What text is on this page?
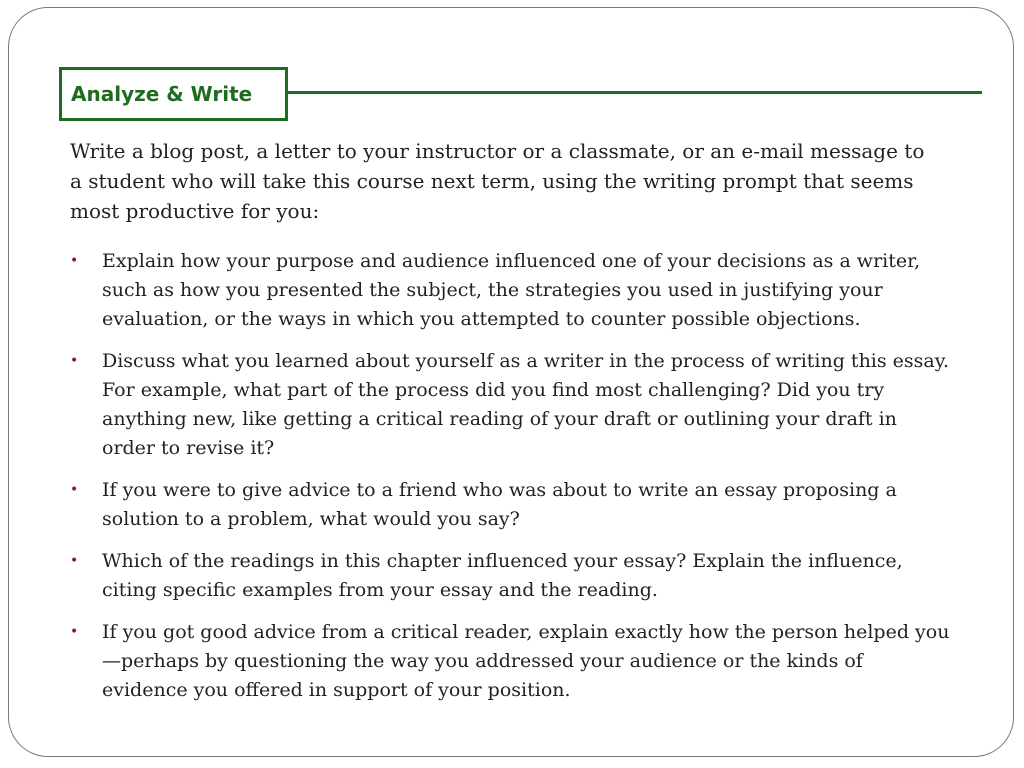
Analyze & Write

Write a blog post, a letter to your instructor or a classmate, or an e-mail message to a student who will take this course next term, using the writing prompt that seems most productive for you:

• Explain how your purpose and audience influenced one of your decisions as a writer, such as how you presented the subject, the strategies you used in justifying your evaluation, or the ways in which you attempted to counter possible objections.
• Discuss what you learned about yourself as a writer in the process of writing this essay. For example, what part of the process did you find most challenging? Did you try anything new, like getting a critical reading of your draft or outlining your draft in order to revise it?
• If you were to give advice to a friend who was about to write an essay proposing a solution to a problem, what would you say?
• Which of the readings in this chapter influenced your essay? Explain the influence, citing specific examples from your essay and the reading.
• If you got good advice from a critical reader, explain exactly how the person helped you—perhaps by questioning the way you addressed your audience or the kinds of evidence you offered in support of your position.
